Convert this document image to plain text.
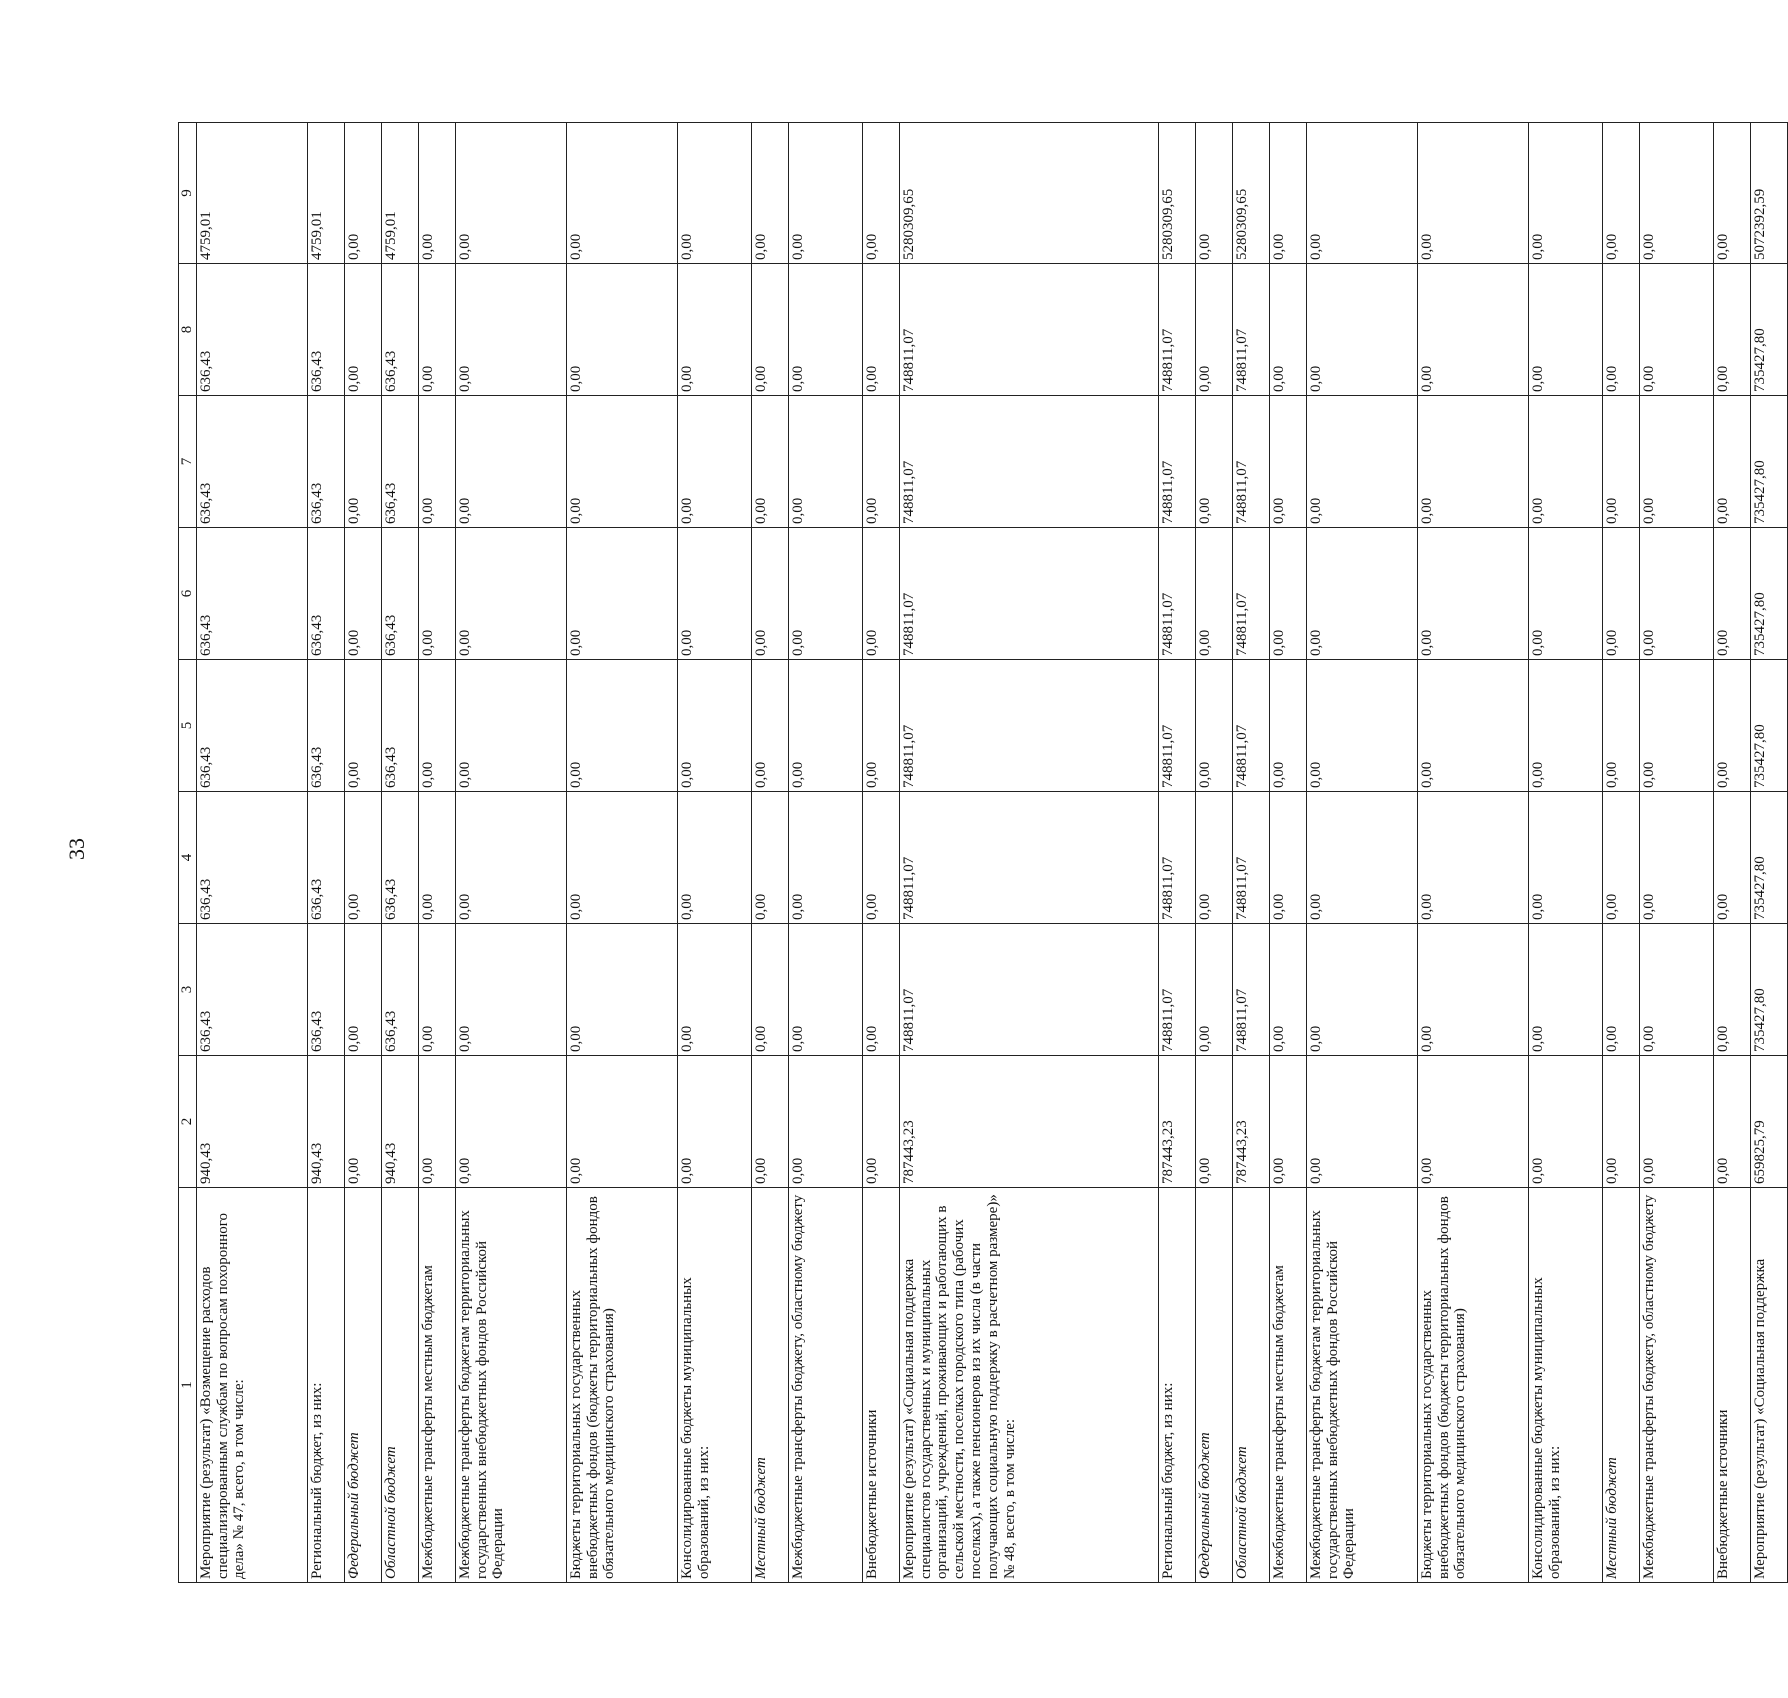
33
1	2	3	4	5	6	7	8	9
Мероприятие (результат) «Возмещение расходов специализированным службам по вопросам похоронного дела» № 47, всего, в том числе:	940,43	636,43	636,43	636,43	636,43	636,43	636,43	4759,01
Региональный бюджет, из них:	940,43	636,43	636,43	636,43	636,43	636,43	636,43	4759,01
Федеральный бюджет	0,00	0,00	0,00	0,00	0,00	0,00	0,00	0,00
Областной бюджет	940,43	636,43	636,43	636,43	636,43	636,43	636,43	4759,01
Межбюджетные трансферты местным бюджетам	0,00	0,00	0,00	0,00	0,00	0,00	0,00	0,00
Межбюджетные трансферты бюджетам территориальных государственных внебюджетных фондов Российской Федерации	0,00	0,00	0,00	0,00	0,00	0,00	0,00	0,00
Бюджеты территориальных государственных внебюджетных фондов (бюджеты территориальных фондов обязательного медицинского страхования)	0,00	0,00	0,00	0,00	0,00	0,00	0,00	0,00
Консолидированные бюджеты муниципальных образований, из них:	0,00	0,00	0,00	0,00	0,00	0,00	0,00	0,00
Местный бюджет	0,00	0,00	0,00	0,00	0,00	0,00	0,00	0,00
Межбюджетные трансферты бюджету, областному бюджету	0,00	0,00	0,00	0,00	0,00	0,00	0,00	0,00
Внебюджетные источники	0,00	0,00	0,00	0,00	0,00	0,00	0,00	0,00
Мероприятие (результат) «Социальная поддержка специалистов государственных и муниципальных организаций, учреждений, проживающих и работающих в сельской местности, поселках городского типа (рабочих поселках), а также пенсионеров из их числа (в части получающих социальную поддержку в расчетном размере)» № 48, всего, в том числе:	787443,23	748811,07	748811,07	748811,07	748811,07	748811,07	748811,07	5280309,65
Региональный бюджет, из них:	787443,23	748811,07	748811,07	748811,07	748811,07	748811,07	748811,07	5280309,65
Федеральный бюджет	0,00	0,00	0,00	0,00	0,00	0,00	0,00	0,00
Областной бюджет	787443,23	748811,07	748811,07	748811,07	748811,07	748811,07	748811,07	5280309,65
Межбюджетные трансферты местным бюджетам	0,00	0,00	0,00	0,00	0,00	0,00	0,00	0,00
Межбюджетные трансферты бюджетам территориальных государственных внебюджетных фондов Российской Федерации	0,00	0,00	0,00	0,00	0,00	0,00	0,00	0,00
Бюджеты территориальных государственных внебюджетных фондов (бюджеты территориальных фондов обязательного медицинского страхования)	0,00	0,00	0,00	0,00	0,00	0,00	0,00	0,00
Консолидированные бюджеты муниципальных образований, из них:	0,00	0,00	0,00	0,00	0,00	0,00	0,00	0,00
Местный бюджет	0,00	0,00	0,00	0,00	0,00	0,00	0,00	0,00
Межбюджетные трансферты бюджету, областному бюджету	0,00	0,00	0,00	0,00	0,00	0,00	0,00	0,00
Внебюджетные источники	0,00	0,00	0,00	0,00	0,00	0,00	0,00	0,00
Мероприятие (результат) «Социальная поддержка	659825,79	735427,80	735427,80	735427,80	735427,80	735427,80	735427,80	5072392,59
